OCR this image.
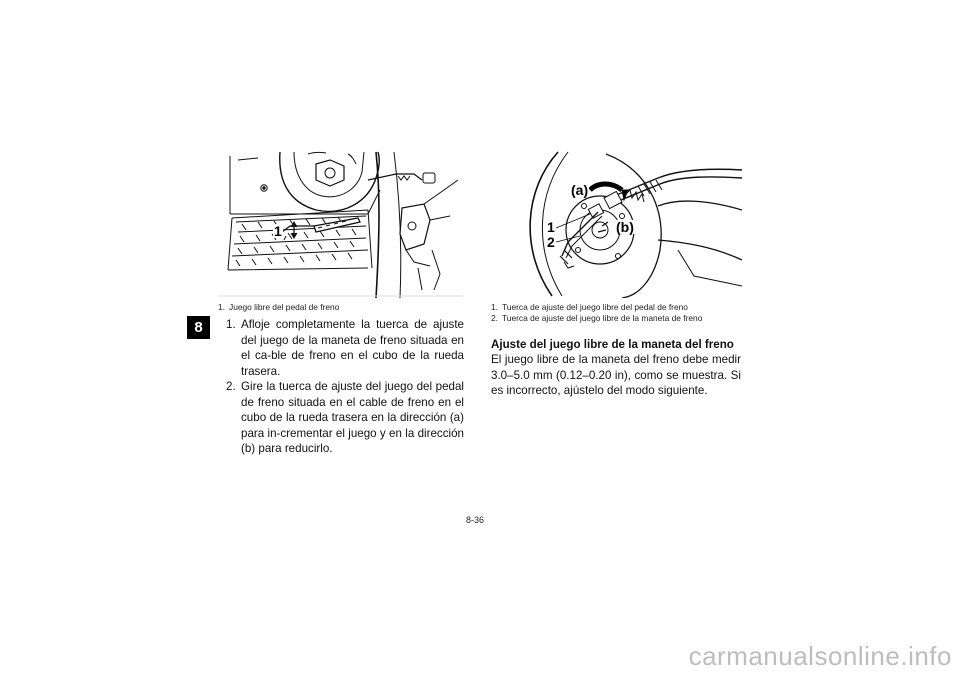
8
1
1. Juego libre del pedal de freno
(a)
1
2
(b)
1. Tuerca de ajuste del juego libre del pedal de freno
2. Tuerca de ajuste del juego libre de la maneta de freno
1. Afloje completamente la tuerca de ajuste del juego de la maneta de freno situada en el ca-ble de freno en el cubo de la rueda trasera.
2. Gire la tuerca de ajuste del juego del pedal de freno situada en el cable de freno en el cubo de la rueda trasera en la dirección (a) para in-crementar el juego y en la dirección (b) para reducirlo.
Ajuste del juego libre de la maneta del freno

El juego libre de la maneta del freno debe medir 3.0–5.0 mm (0.12–0.20 in), como se muestra. Si es incorrecto, ajústelo del modo siguiente.

8-36
carmanualsonline.info
